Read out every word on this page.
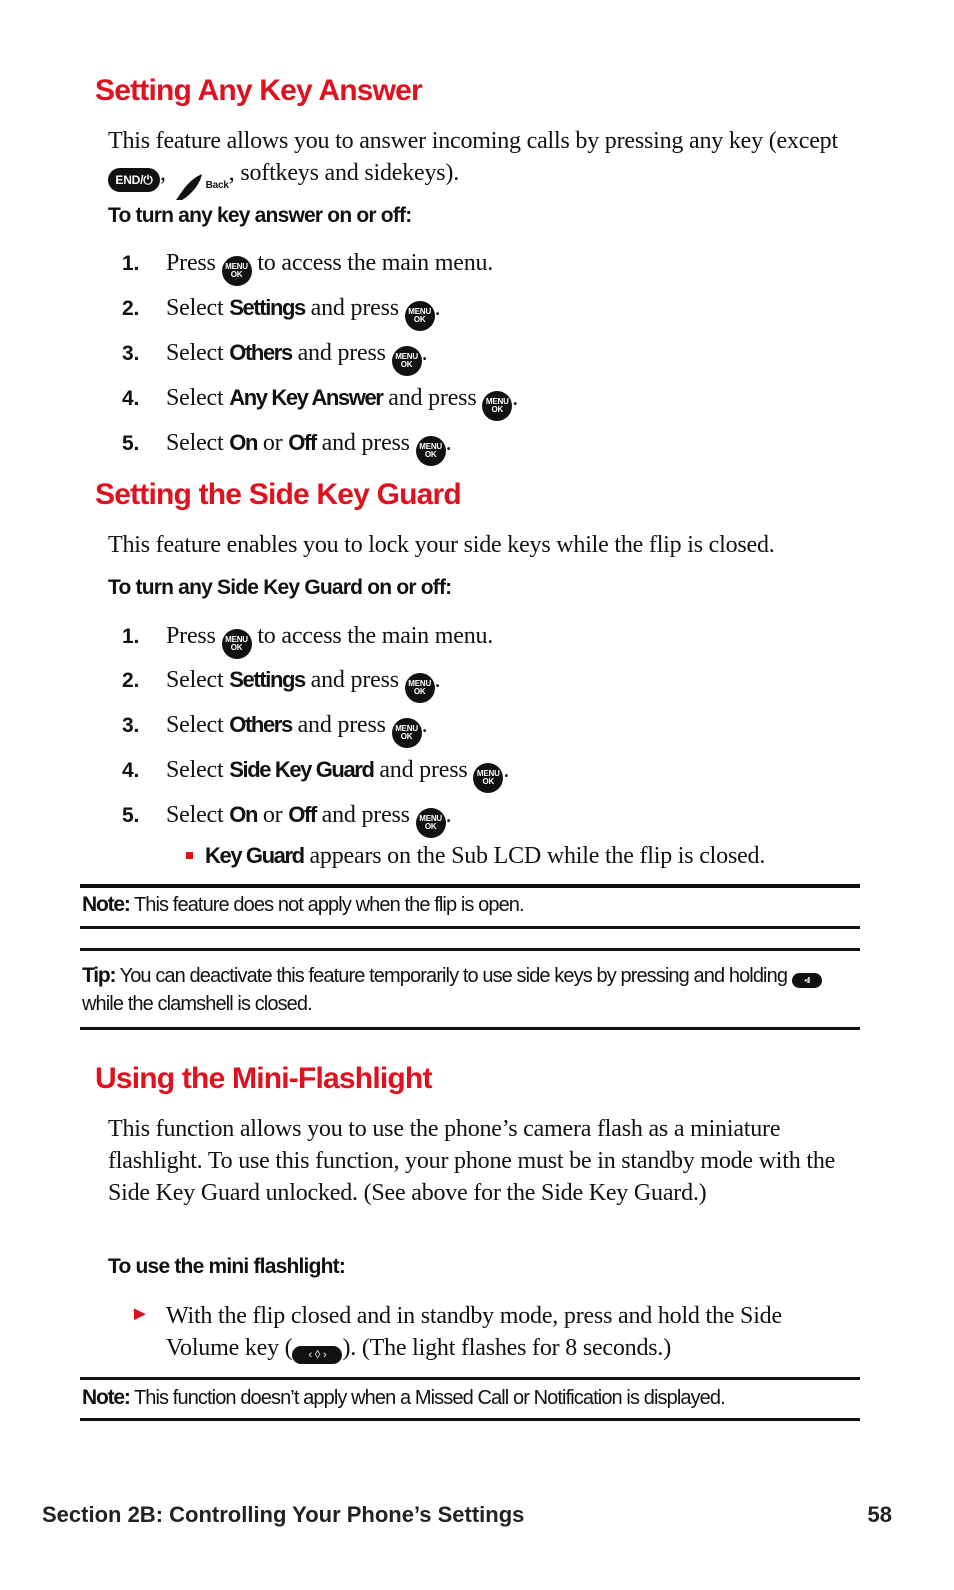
Setting Any Key Answer

This feature allows you to answer incoming calls by pressing any key (except END/⏻ ,	Back, softkeys and sidekeys).

To turn any key answer on or off:
1. Press MENU
OK to access the main menu.
2. Select Settings and press MENU
OK .
3. Select Others and press MENU
OK .
4. Select Any Key Answer and press MENU
OK .
5. Select On or Off and press MENU
OK .
Setting the Side Key Guard

This feature enables you to lock your side keys while the flip is closed.

To turn any Side Key Guard on or off:
1. Press MENU
OK to access the main menu.
2. Select Settings and press MENU
OK .
3. Select Others and press MENU
OK .
4. Select Side Key Guard and press MENU
OK .
5. Select On or Off and press MENU
OK .
Key Guard appears on the Sub LCD while the flip is closed.

Note: This feature does not apply when the flip is open.

Tip: You can deactivate this feature temporarily to use side keys by pressing and holding •ıll while the clamshell is closed.

Using the Mini-Flashlight

This function allows you to use the phone’s camera flash as a miniature flashlight. To use this function, your phone must be in standby mode with the Side Key Guard unlocked. (See above for the Side Key Guard.)

To use the mini flashlight:
► With the flip closed and in standby mode, press and hold the Side Volume key ( ‹ ◊ › ). (The light flashes for 8 seconds.)

Note: This function doesn’t apply when a Missed Call or Notification is displayed.

Section 2B: Controlling Your Phone’s Settings	58
